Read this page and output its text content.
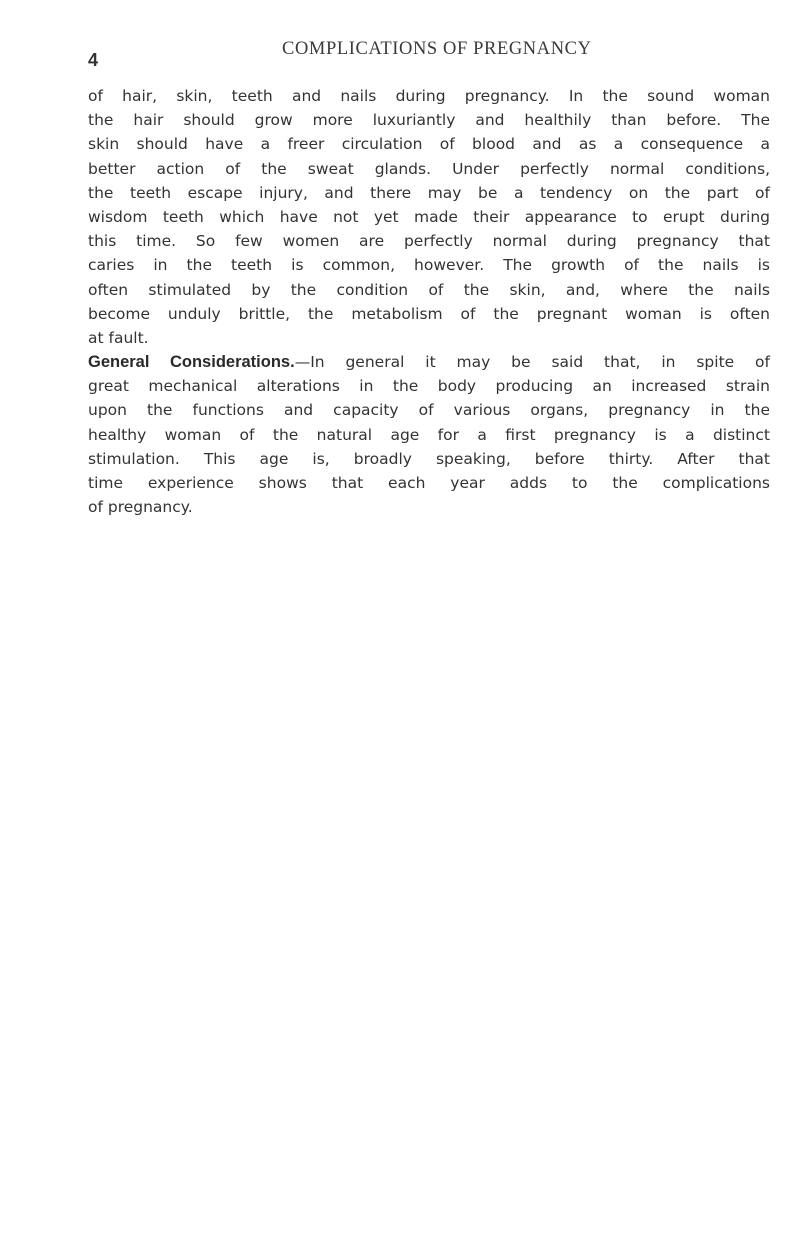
4
COMPLICATIONS OF PREGNANCY
of hair, skin, teeth and nails during pregnancy. In the sound woman
the hair should grow more luxuriantly and healthily than before. The
skin should have a freer circulation of blood and as a consequence a
better action of the sweat glands. Under perfectly normal conditions,
the teeth escape injury, and there may be a tendency on the part of
wisdom teeth which have not yet made their appearance to erupt during
this time. So few women are perfectly normal during pregnancy that
caries in the teeth is common, however. The growth of the nails is
often stimulated by the condition of the skin, and, where the nails
become unduly brittle, the metabolism of the pregnant woman is often
at fault.
General Considerations.—In general it may be said that, in spite of
great mechanical alterations in the body producing an increased strain
upon the functions and capacity of various organs, pregnancy in the
healthy woman of the natural age for a first pregnancy is a distinct
stimulation. This age is, broadly speaking, before thirty. After that
time experience shows that each year adds to the complications
of pregnancy.
